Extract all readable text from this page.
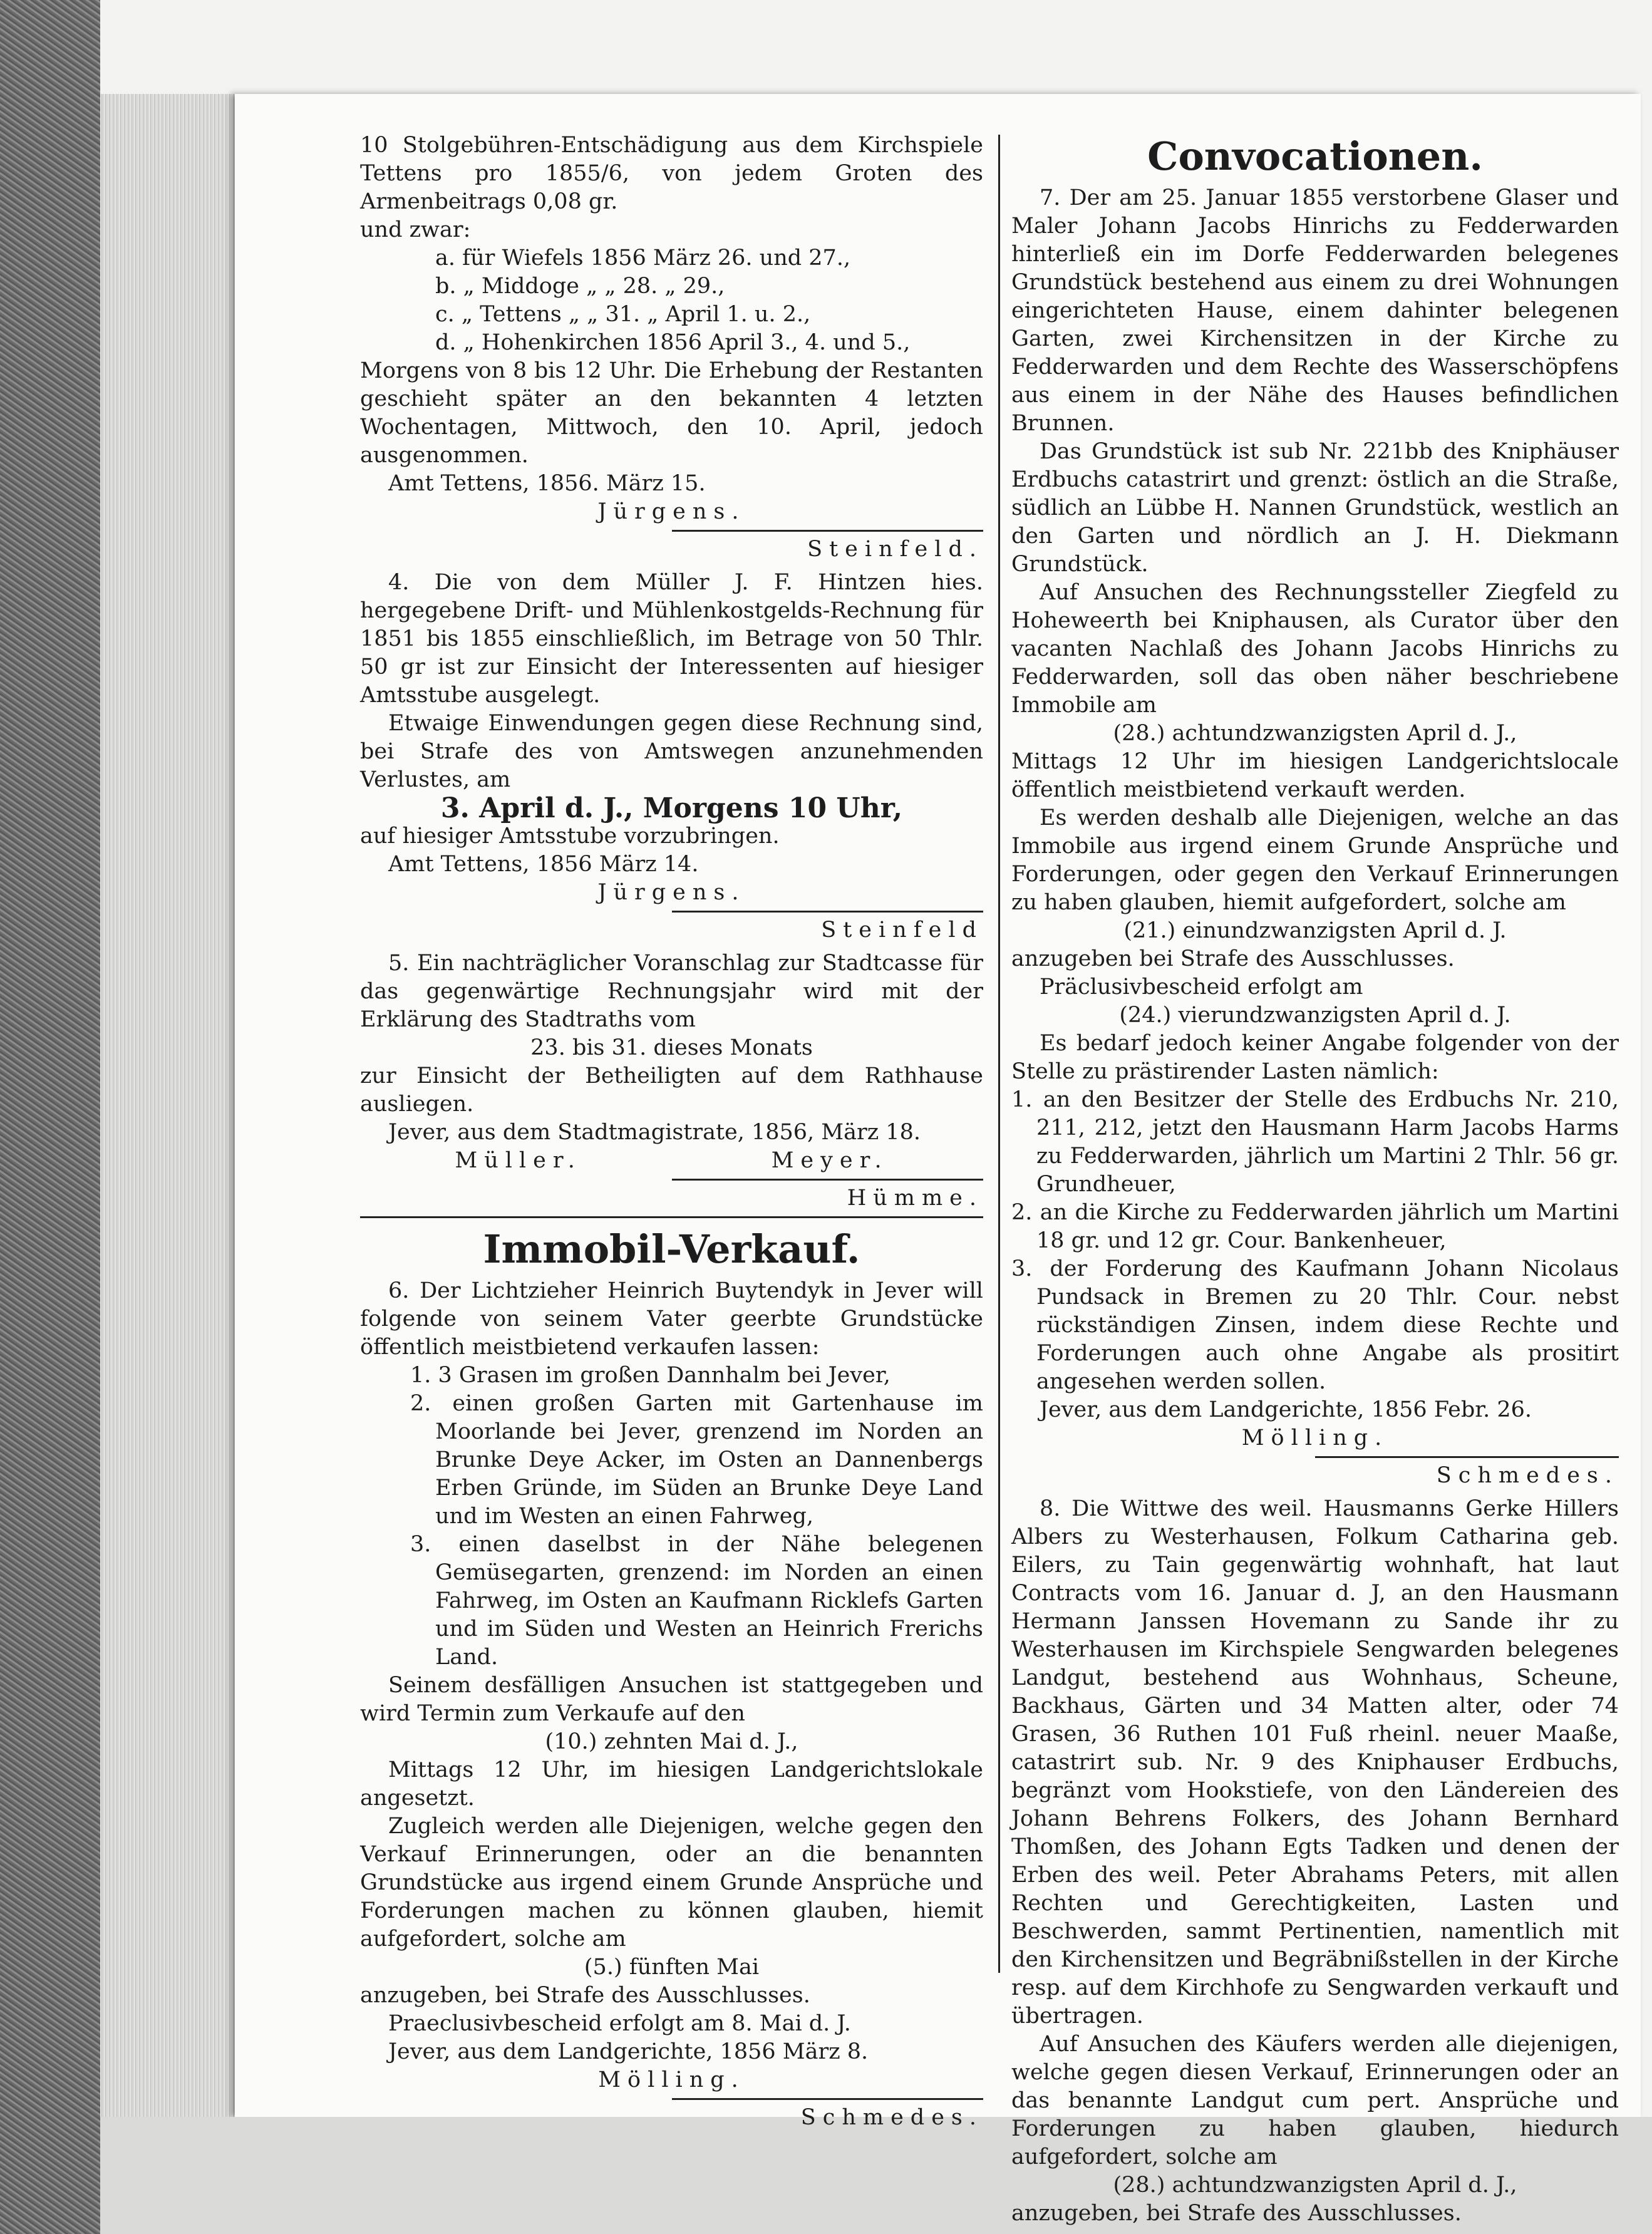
10 Stolgebühren-Entschädigung aus dem Kirchspiele Tettens pro 1855/6, von jedem Groten des Armenbeitrags 0,08 gr.

und zwar:

a. für Wiefels 1856 März 26. und 27.,

b. „ Middoge „ „ 28. „ 29.,

c. „ Tettens „ „ 31. „ April 1. u. 2.,

d. „ Hohenkirchen 1856 April 3., 4. und 5.,

Morgens von 8 bis 12 Uhr. Die Erhebung der Restanten geschieht später an den bekannten 4 letzten Wochentagen, Mittwoch, den 10. April, jedoch ausgenommen.

Amt Tettens, 1856. März 15.

Jürgens.

Steinfeld.

4. Die von dem Müller J. F. Hintzen hies. hergegebene Drift- und Mühlenkostgelds-Rechnung für 1851 bis 1855 einschließlich, im Betrage von 50 Thlr. 50 gr ist zur Einsicht der Interessenten auf hiesiger Amtsstube ausgelegt.

Etwaige Einwendungen gegen diese Rechnung sind, bei Strafe des von Amtswegen anzunehmenden Verlustes, am

3. April d. J., Morgens 10 Uhr,

auf hiesiger Amtsstube vorzubringen.

Amt Tettens, 1856 März 14.

Jürgens.

Steinfeld

5. Ein nachträglicher Voranschlag zur Stadtcasse für das gegenwärtige Rechnungsjahr wird mit der Erklärung des Stadtraths vom

23. bis 31. dieses Monats

zur Einsicht der Betheiligten auf dem Rathhause ausliegen.

Jever, aus dem Stadtmagistrate, 1856, März 18.

Müller.	Meyer.

Hümme.

Immobil-Verkauf.

6. Der Lichtzieher Heinrich Buytendyk in Jever will folgende von seinem Vater geerbte Grundstücke öffentlich meistbietend verkaufen lassen:

1. 3 Grasen im großen Dannhalm bei Jever,

2. einen großen Garten mit Gartenhause im Moorlande bei Jever, grenzend im Norden an Brunke Deye Acker, im Osten an Dannenbergs Erben Gründe, im Süden an Brunke Deye Land und im Westen an einen Fahrweg,

3. einen daselbst in der Nähe belegenen Gemüsegarten, grenzend: im Norden an einen Fahrweg, im Osten an Kaufmann Ricklefs Garten und im Süden und Westen an Heinrich Frerichs Land.

Seinem desfälligen Ansuchen ist stattgegeben und wird Termin zum Verkaufe auf den

(10.) zehnten Mai d. J.,

Mittags 12 Uhr, im hiesigen Landgerichtslokale angesetzt.

Zugleich werden alle Diejenigen, welche gegen den Verkauf Erinnerungen, oder an die benannten Grundstücke aus irgend einem Grunde Ansprüche und Forderungen machen zu können glauben, hiemit aufgefordert, solche am

(5.) fünften Mai

anzugeben, bei Strafe des Ausschlusses.

Praeclusivbescheid erfolgt am 8. Mai d. J.

Jever, aus dem Landgerichte, 1856 März 8.

Mölling.

Schmedes.

Convocationen.

7. Der am 25. Januar 1855 verstorbene Glaser und Maler Johann Jacobs Hinrichs zu Fedderwarden hinterließ ein im Dorfe Fedderwarden belegenes Grundstück bestehend aus einem zu drei Wohnungen eingerichteten Hause, einem dahinter belegenen Garten, zwei Kirchensitzen in der Kirche zu Fedderwarden und dem Rechte des Wasserschöpfens aus einem in der Nähe des Hauses befindlichen Brunnen.

Das Grundstück ist sub Nr. 221bb des Kniphäuser Erdbuchs catastrirt und grenzt: östlich an die Straße, südlich an Lübbe H. Nannen Grundstück, westlich an den Garten und nördlich an J. H. Diekmann Grundstück.

Auf Ansuchen des Rechnungssteller Ziegfeld zu Hoheweerth bei Kniphausen, als Curator über den vacanten Nachlaß des Johann Jacobs Hinrichs zu Fedderwarden, soll das oben näher beschriebene Immobile am

(28.) achtundzwanzigsten April d. J.,

Mittags 12 Uhr im hiesigen Landgerichtslocale öffentlich meistbietend verkauft werden.

Es werden deshalb alle Diejenigen, welche an das Immobile aus irgend einem Grunde Ansprüche und Forderungen, oder gegen den Verkauf Erinnerungen zu haben glauben, hiemit aufgefordert, solche am

(21.) einundzwanzigsten April d. J.

anzugeben bei Strafe des Ausschlusses.

Präclusivbescheid erfolgt am

(24.) vierundzwanzigsten April d. J.

Es bedarf jedoch keiner Angabe folgender von der Stelle zu prästirender Lasten nämlich:

1. an den Besitzer der Stelle des Erdbuchs Nr. 210, 211, 212, jetzt den Hausmann Harm Jacobs Harms zu Fedderwarden, jährlich um Martini 2 Thlr. 56 gr. Grundheuer,

2. an die Kirche zu Fedderwarden jährlich um Martini 18 gr. und 12 gr. Cour. Bankenheuer,

3. der Forderung des Kaufmann Johann Nicolaus Pundsack in Bremen zu 20 Thlr. Cour. nebst rückständigen Zinsen, indem diese Rechte und Forderungen auch ohne Angabe als prositirt angesehen werden sollen.

Jever, aus dem Landgerichte, 1856 Febr. 26.

Mölling.

Schmedes.

8. Die Wittwe des weil. Hausmanns Gerke Hillers Albers zu Westerhausen, Folkum Catharina geb. Eilers, zu Tain gegenwärtig wohnhaft, hat laut Contracts vom 16. Januar d. J, an den Hausmann Hermann Janssen Hovemann zu Sande ihr zu Westerhausen im Kirchspiele Sengwarden belegenes Landgut, bestehend aus Wohnhaus, Scheune, Backhaus, Gärten und 34 Matten alter, oder 74 Grasen, 36 Ruthen 101 Fuß rheinl. neuer Maaße, catastrirt sub. Nr. 9 des Kniphauser Erdbuchs, begränzt vom Hookstiefe, von den Ländereien des Johann Behrens Folkers, des Johann Bernhard Thomßen, des Johann Egts Tadken und denen der Erben des weil. Peter Abrahams Peters, mit allen Rechten und Gerechtigkeiten, Lasten und Beschwerden, sammt Pertinentien, namentlich mit den Kirchensitzen und Begräbnißstellen in der Kirche resp. auf dem Kirchhofe zu Sengwarden verkauft und übertragen.

Auf Ansuchen des Käufers werden alle diejenigen, welche gegen diesen Verkauf, Erinnerungen oder an das benannte Landgut cum pert. Ansprüche und Forderungen zu haben glauben, hiedurch aufgefordert, solche am

(28.) achtundzwanzigsten April d. J.,

anzugeben, bei Strafe des Ausschlusses.
